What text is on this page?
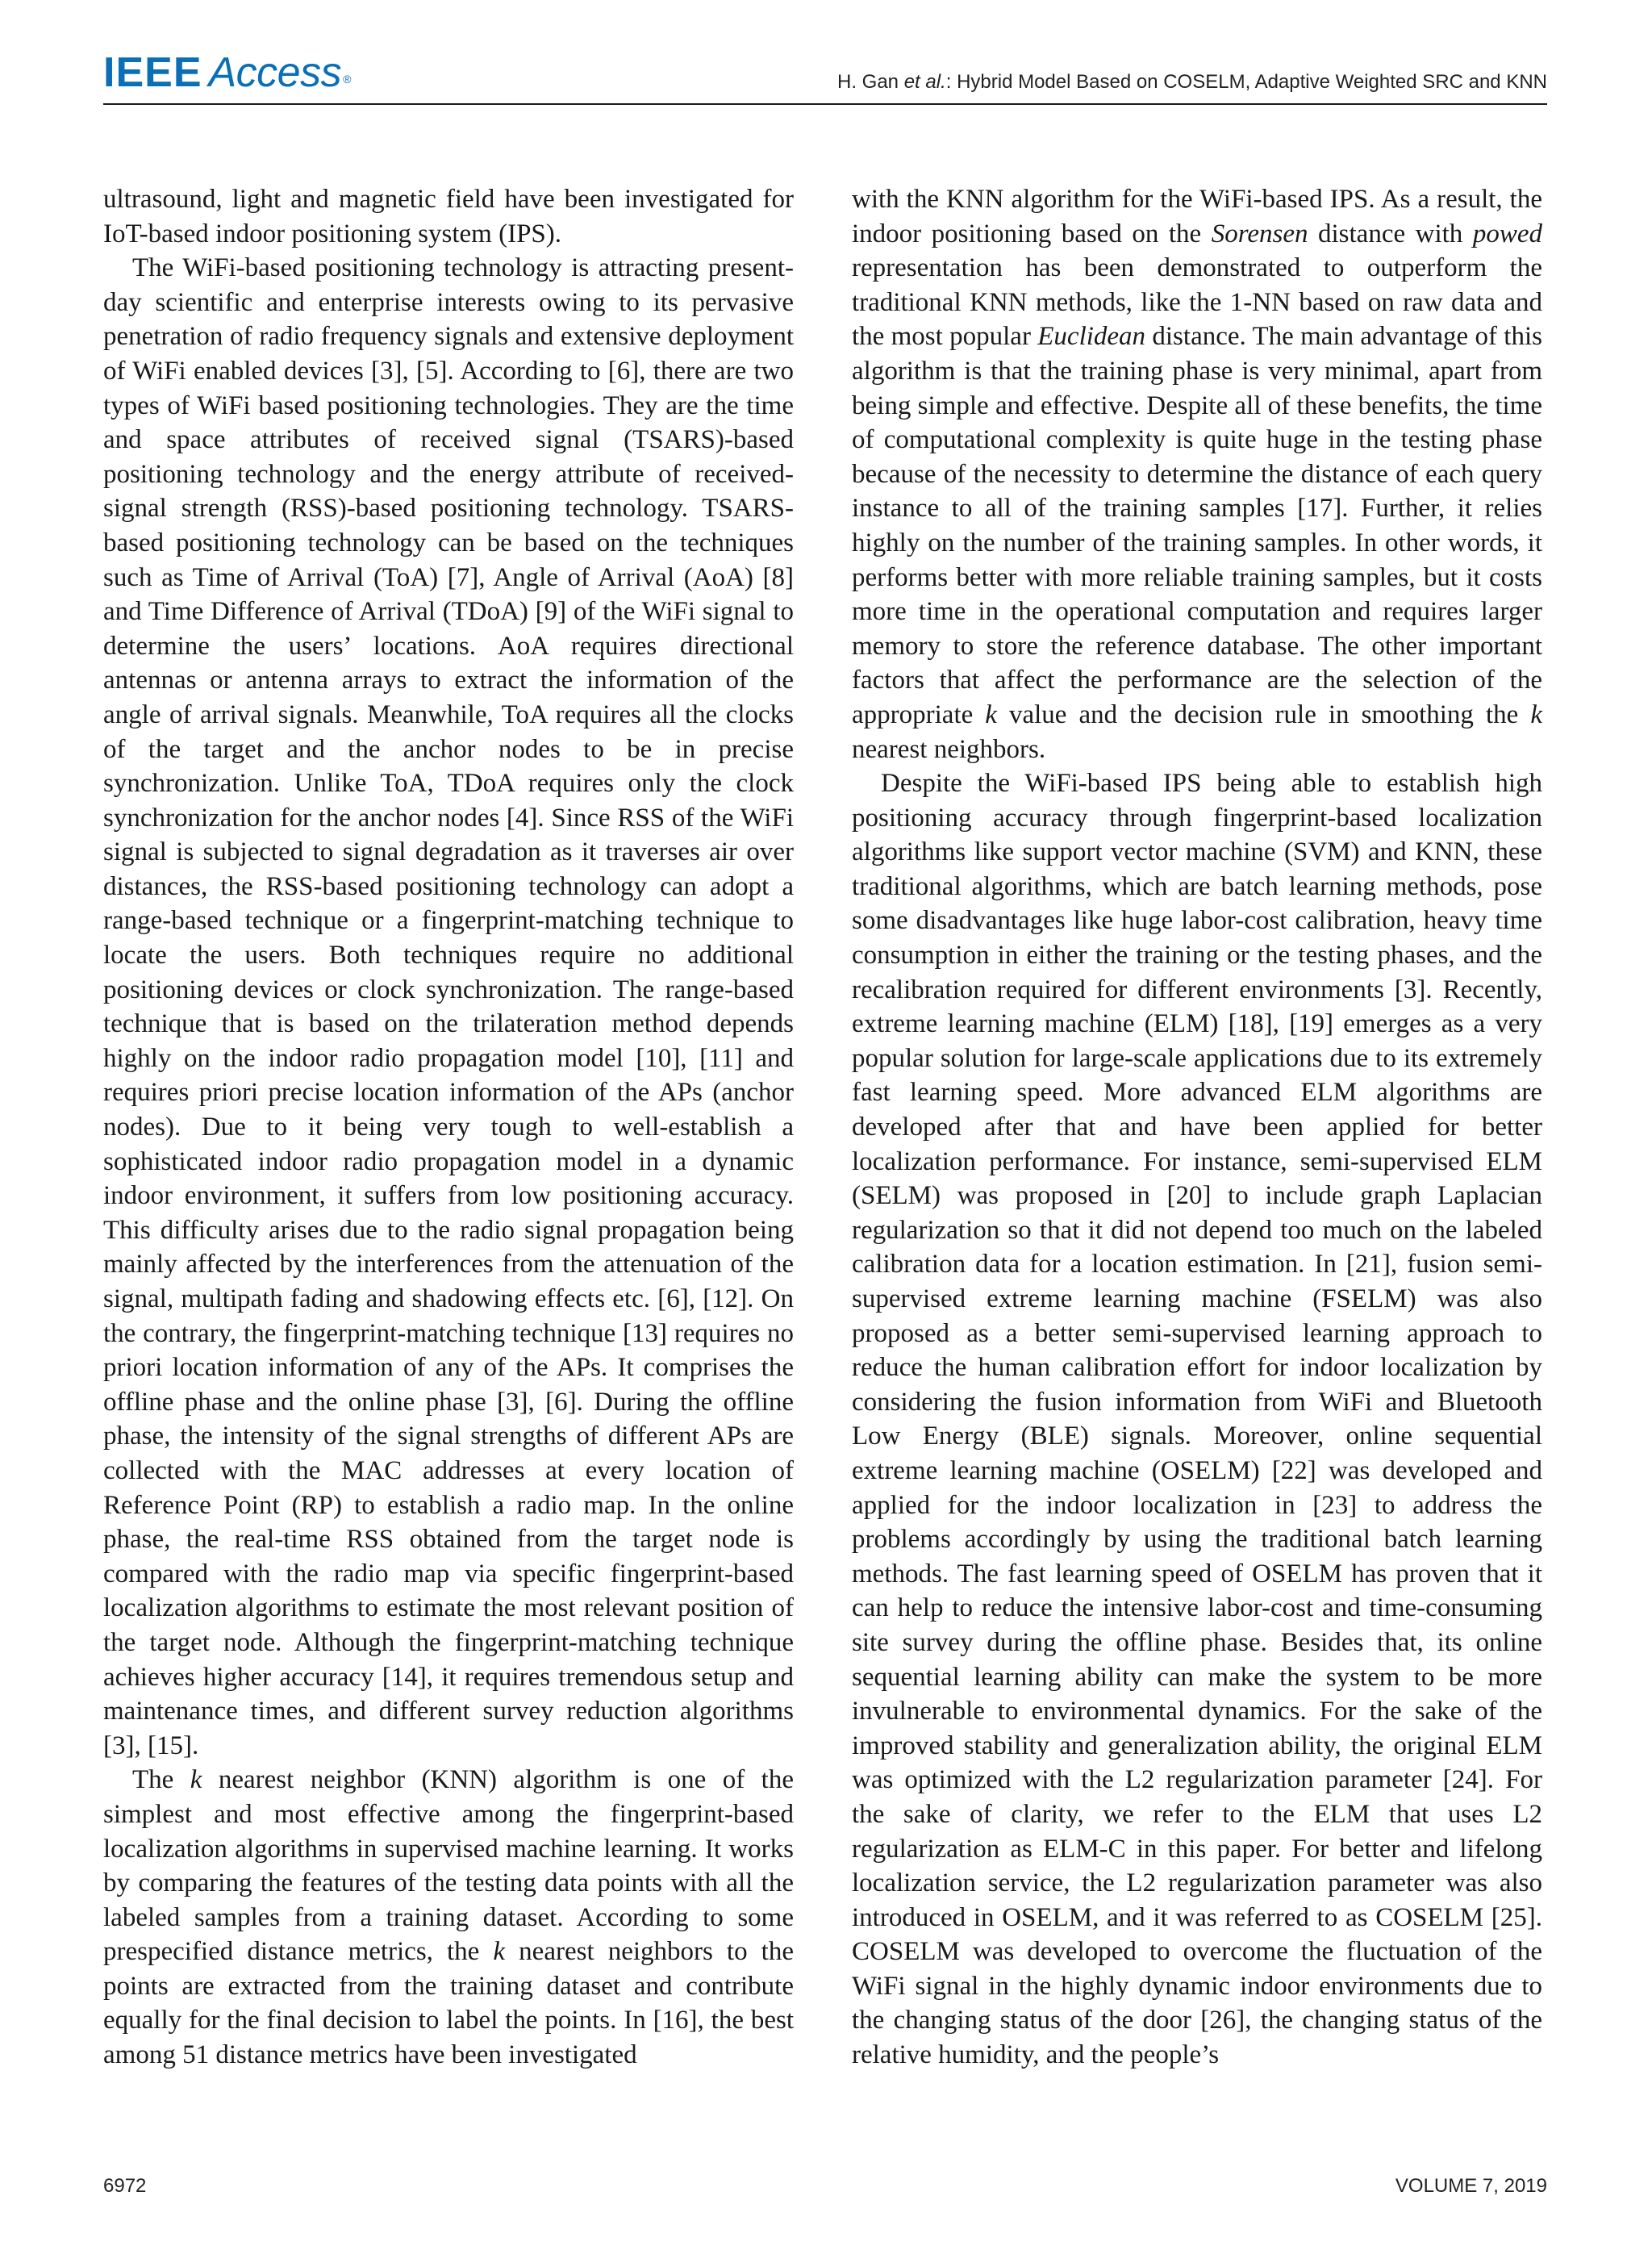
IEEE Access ®	H. Gan et al.: Hybrid Model Based on COSELM, Adaptive Weighted SRC and KNN

ultrasound, light and magnetic field have been investigated for IoT-based indoor positioning system (IPS).

The WiFi-based positioning technology is attracting present-day scientific and enterprise interests owing to its pervasive penetration of radio frequency signals and extensive deployment of WiFi enabled devices [3], [5]. According to [6], there are two types of WiFi based positioning technologies. They are the time and space attributes of received signal (TSARS)-based positioning technology and the energy attribute of received-signal strength (RSS)-based positioning technology. TSARS-based positioning technology can be based on the techniques such as Time of Arrival (ToA) [7], Angle of Arrival (AoA) [8] and Time Difference of Arrival (TDoA) [9] of the WiFi signal to determine the users’ locations. AoA requires directional antennas or antenna arrays to extract the information of the angle of arrival signals. Meanwhile, ToA requires all the clocks of the target and the anchor nodes to be in precise synchronization. Unlike ToA, TDoA requires only the clock synchronization for the anchor nodes [4]. Since RSS of the WiFi signal is subjected to signal degradation as it traverses air over distances, the RSS-based positioning technology can adopt a range-based technique or a fingerprint-matching technique to locate the users. Both techniques require no additional positioning devices or clock synchronization. The range-based technique that is based on the trilateration method depends highly on the indoor radio propagation model [10], [11] and requires priori precise location information of the APs (anchor nodes). Due to it being very tough to well-establish a sophisticated indoor radio propagation model in a dynamic indoor environment, it suffers from low positioning accuracy. This difficulty arises due to the radio signal propagation being mainly affected by the interferences from the attenuation of the signal, multipath fading and shadowing effects etc. [6], [12]. On the contrary, the fingerprint-matching technique [13] requires no priori location information of any of the APs. It comprises the offline phase and the online phase [3], [6]. During the offline phase, the intensity of the signal strengths of different APs are collected with the MAC addresses at every location of Reference Point (RP) to establish a radio map. In the online phase, the real-time RSS obtained from the target node is compared with the radio map via specific fingerprint-based localization algorithms to estimate the most relevant position of the target node. Although the fingerprint-matching technique achieves higher accuracy [14], it requires tremendous setup and maintenance times, and different survey reduction algorithms [3], [15].

The k nearest neighbor (KNN) algorithm is one of the simplest and most effective among the fingerprint-based localization algorithms in supervised machine learning. It works by comparing the features of the testing data points with all the labeled samples from a training dataset. According to some prespecified distance metrics, the k nearest neighbors to the points are extracted from the training dataset and contribute equally for the final decision to label the points. In [16], the best among 51 distance metrics have been investigated

with the KNN algorithm for the WiFi-based IPS. As a result, the indoor positioning based on the Sorensen distance with powed representation has been demonstrated to outperform the traditional KNN methods, like the 1-NN based on raw data and the most popular Euclidean distance. The main advantage of this algorithm is that the training phase is very minimal, apart from being simple and effective. Despite all of these benefits, the time of computational complexity is quite huge in the testing phase because of the necessity to determine the distance of each query instance to all of the training samples [17]. Further, it relies highly on the number of the training samples. In other words, it performs better with more reliable training samples, but it costs more time in the operational computation and requires larger memory to store the reference database. The other important factors that affect the performance are the selection of the appropriate k value and the decision rule in smoothing the k nearest neighbors.

Despite the WiFi-based IPS being able to establish high positioning accuracy through fingerprint-based localization algorithms like support vector machine (SVM) and KNN, these traditional algorithms, which are batch learning methods, pose some disadvantages like huge labor-cost calibration, heavy time consumption in either the training or the testing phases, and the recalibration required for different environments [3]. Recently, extreme learning machine (ELM) [18], [19] emerges as a very popular solution for large-scale applications due to its extremely fast learning speed. More advanced ELM algorithms are developed after that and have been applied for better localization performance. For instance, semi-supervised ELM (SELM) was proposed in [20] to include graph Laplacian regularization so that it did not depend too much on the labeled calibration data for a location estimation. In [21], fusion semi-supervised extreme learning machine (FSELM) was also proposed as a better semi-supervised learning approach to reduce the human calibration effort for indoor localization by considering the fusion information from WiFi and Bluetooth Low Energy (BLE) signals. Moreover, online sequential extreme learning machine (OSELM) [22] was developed and applied for the indoor localization in [23] to address the problems accordingly by using the traditional batch learning methods. The fast learning speed of OSELM has proven that it can help to reduce the intensive labor-cost and time-consuming site survey during the offline phase. Besides that, its online sequential learning ability can make the system to be more invulnerable to environmental dynamics. For the sake of the improved stability and generalization ability, the original ELM was optimized with the L2 regularization parameter [24]. For the sake of clarity, we refer to the ELM that uses L2 regularization as ELM-C in this paper. For better and lifelong localization service, the L2 regularization parameter was also introduced in OSELM, and it was referred to as COSELM [25]. COSELM was developed to overcome the fluctuation of the WiFi signal in the highly dynamic indoor environments due to the changing status of the door [26], the changing status of the relative humidity, and the people’s

6972	VOLUME 7, 2019
